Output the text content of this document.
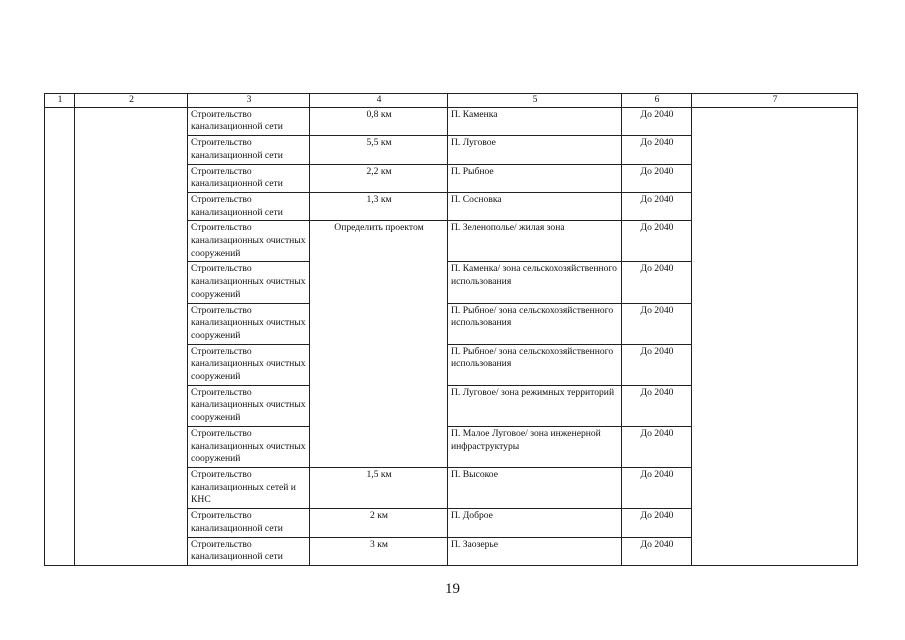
1	2	3	4	5	6	7
		Строительство канализационной сети	0,8 км	П. Каменка	До 2040	
		Строительство канализационной сети	5,5 км	П. Луговое	До 2040	
		Строительство канализационной сети	2,2 км	П. Рыбное	До 2040	
		Строительство канализационной сети	1,3 км	П. Сосновка	До 2040	
		Строительство канализационных очистных сооружений	Определить проектом	П. Зеленополье/ жилая зона	До 2040	
		Строительство канализационных очистных сооружений		П. Каменка/ зона сельскохозяйственного использования	До 2040	
		Строительство канализационных очистных сооружений		П. Рыбное/ зона сельскохозяйственного использования	До 2040	
		Строительство канализационных очистных сооружений		П. Рыбное/ зона сельскохозяйственного использования	До 2040	
		Строительство канализационных очистных сооружений		П. Луговое/ зона режимных территорий	До 2040	
		Строительство канализационных очистных сооружений		П. Малое Луговое/ зона инженерной инфраструктуры	До 2040	
		Строительство канализационных сетей и КНС	1,5 км	П. Высокое	До 2040	
		Строительство канализационной сети	2 км	П. Доброе	До 2040	
		Строительство канализационной сети	3 км	П. Заозерье	До 2040	
19
